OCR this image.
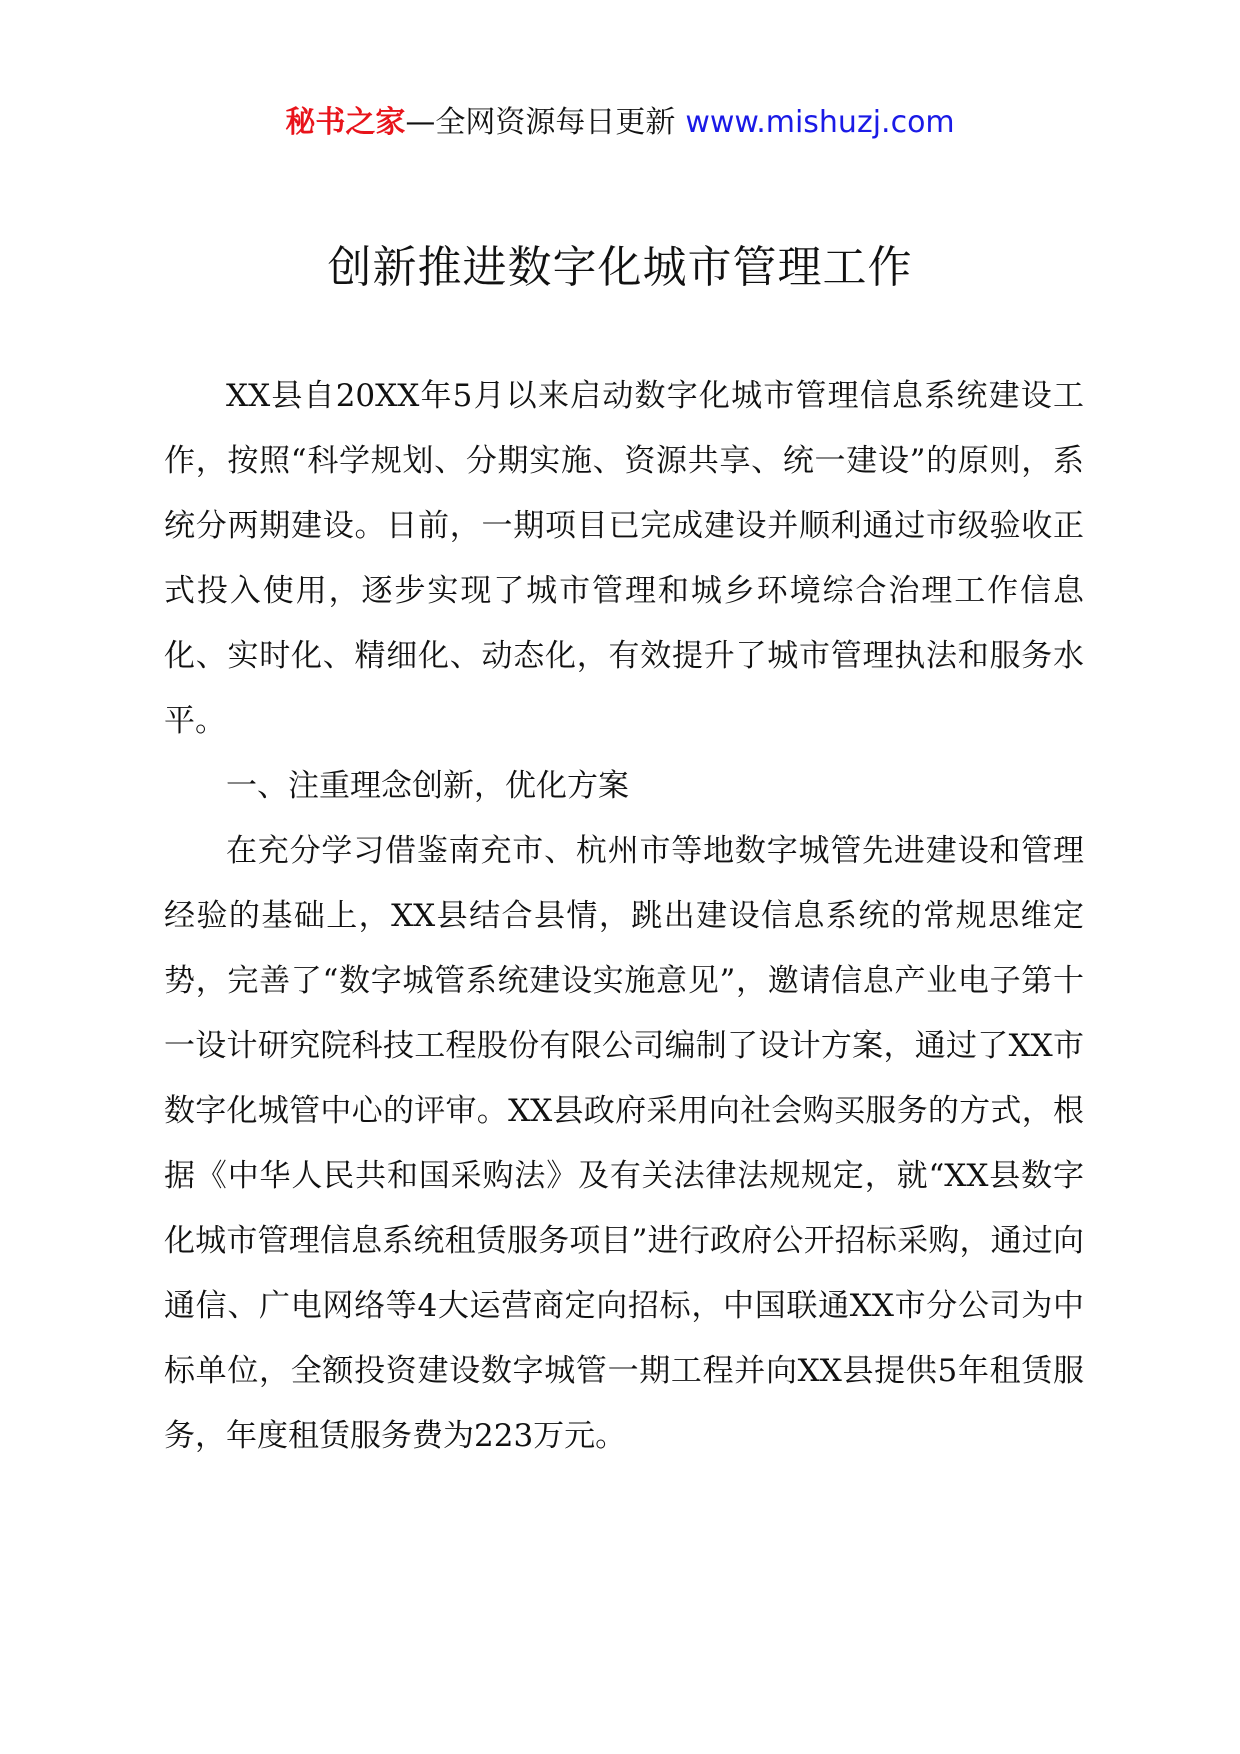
秘书之家—全网资源每日更新 www.mishuzj.com
创新推进数字化城市管理工作

XX县自20XX年5月以来启动数字化城市管理信息系统建设工作，按照“科学规划、分期实施、资源共享、统一建设”的原则，系统分两期建设。日前，一期项目已完成建设并顺利通过市级验收正式投入使用，逐步实现了城市管理和城乡环境综合治理工作信息化、实时化、精细化、动态化，有效提升了城市管理执法和服务水平。

一、注重理念创新，优化方案

在充分学习借鉴南充市、杭州市等地数字城管先进建设和管理经验的基础上，XX县结合县情，跳出建设信息系统的常规思维定势，完善了“数字城管系统建设实施意见”，邀请信息产业电子第十一设计研究院科技工程股份有限公司编制了设计方案，通过了XX市数字化城管中心的评审。XX县政府采用向社会购买服务的方式，根据《中华人民共和国采购法》及有关法律法规规定，就“XX县数字化城市管理信息系统租赁服务项目”进行政府公开招标采购，通过向通信、广电网络等4大运营商定向招标，中国联通XX市分公司为中标单位，全额投资建设数字城管一期工程并向XX县提供5年租赁服务，年度租赁服务费为223万元。
